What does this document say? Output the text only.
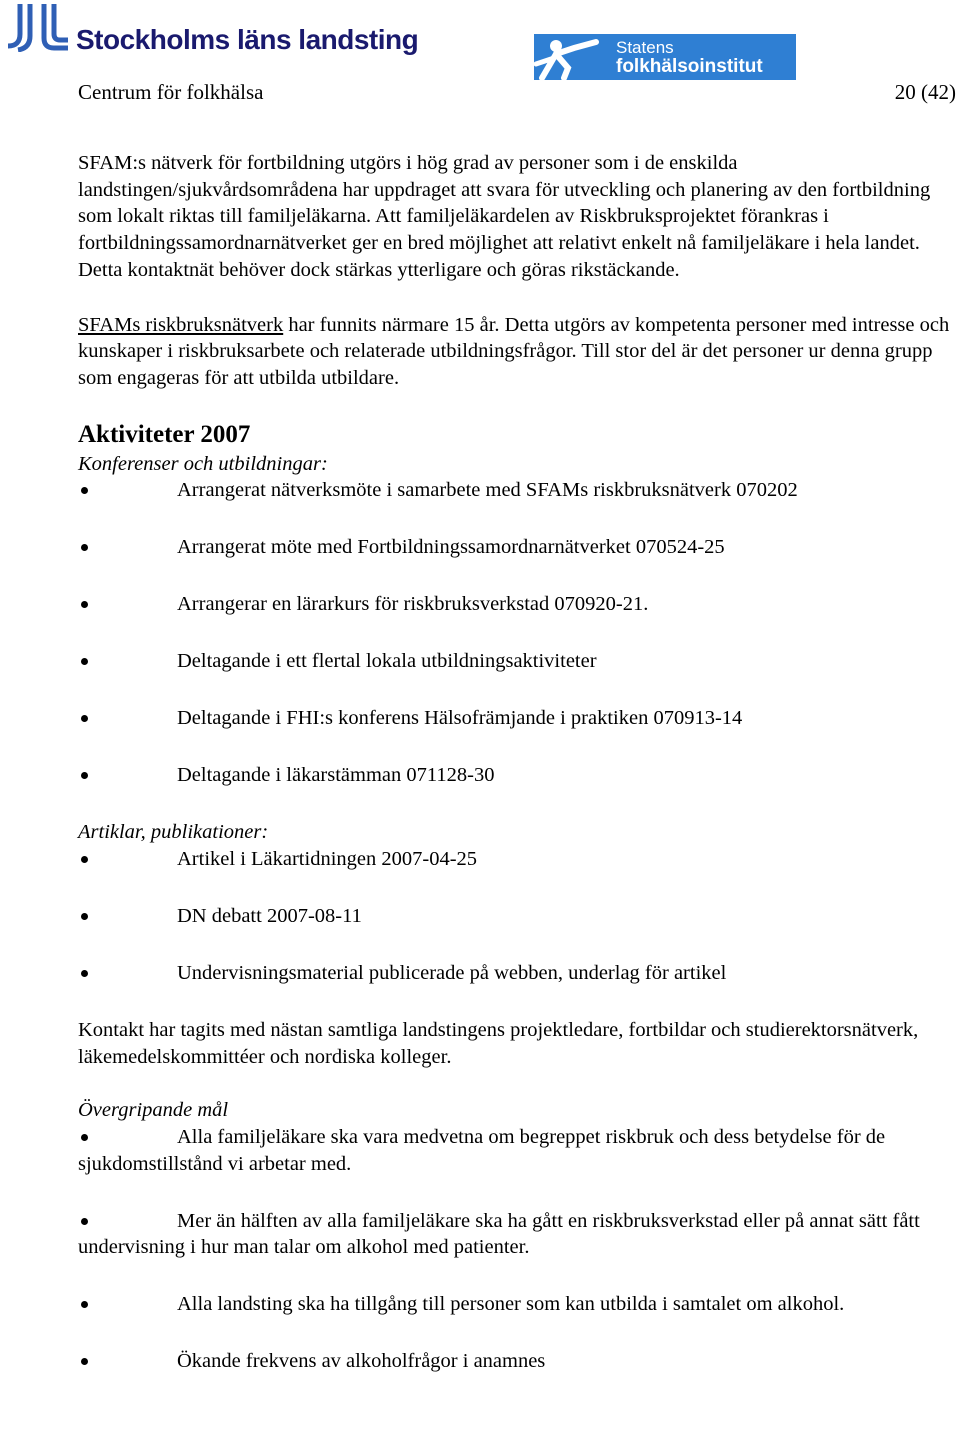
Stockholms läns landsting	Statens
folkhälsoinstitut
Centrum för folkhälsa	20 (42)

SFAM:s nätverk för fortbildning utgörs i hög grad av personer som i de enskilda landstingen/sjukvårdsområdena har uppdraget att svara för utveckling och planering av den fortbildning som lokalt riktas till familjeläkarna. Att familjeläkardelen av Riskbruksprojektet förankras i fortbildningssamordnarnätverket ger en bred möjlighet att relativt enkelt nå familjeläkare i hela landet. Detta kontaktnät behöver dock stärkas ytterligare och göras rikstäckande.

SFAMs riskbruksnätverk har funnits närmare 15 år. Detta utgörs av kompetenta personer med intresse och kunskaper i riskbruksarbete och relaterade utbildningsfrågor. Till stor del är det personer ur denna grupp som engageras för att utbilda utbildare.

Aktiviteter 2007
Konferenser och utbildningar:
Arrangerat nätverksmöte i samarbete med SFAMs riskbruksnätverk 070202
Arrangerat möte med Fortbildningssamordnarnätverket 070524-25
Arrangerar en lärarkurs för riskbruksverkstad 070920-21.
Deltagande i ett flertal lokala utbildningsaktiviteter
Deltagande i FHI:s konferens Hälsofrämjande i praktiken 070913-14
Deltagande i läkarstämman 071128-30
Artiklar, publikationer:
Artikel i Läkartidningen 2007-04-25
DN debatt 2007-08-11
Undervisningsmaterial publicerade på webben, underlag för artikel

Kontakt har tagits med nästan samtliga landstingens projektledare, fortbildar och studierektorsnätverk, läkemedelskommittéer och nordiska kolleger.

Övergripande mål

Alla familjeläkare ska vara medvetna om begreppet riskbruk och dess betydelse för de sjukdomstillstånd vi arbetar med.

Mer än hälften av alla familjeläkare ska ha gått en riskbruksverkstad eller på annat sätt fått undervisning i hur man talar om alkohol med patienter.

Alla landsting ska ha tillgång till personer som kan utbilda i samtalet om alkohol.

Ökande frekvens av alkoholfrågor i anamnes
